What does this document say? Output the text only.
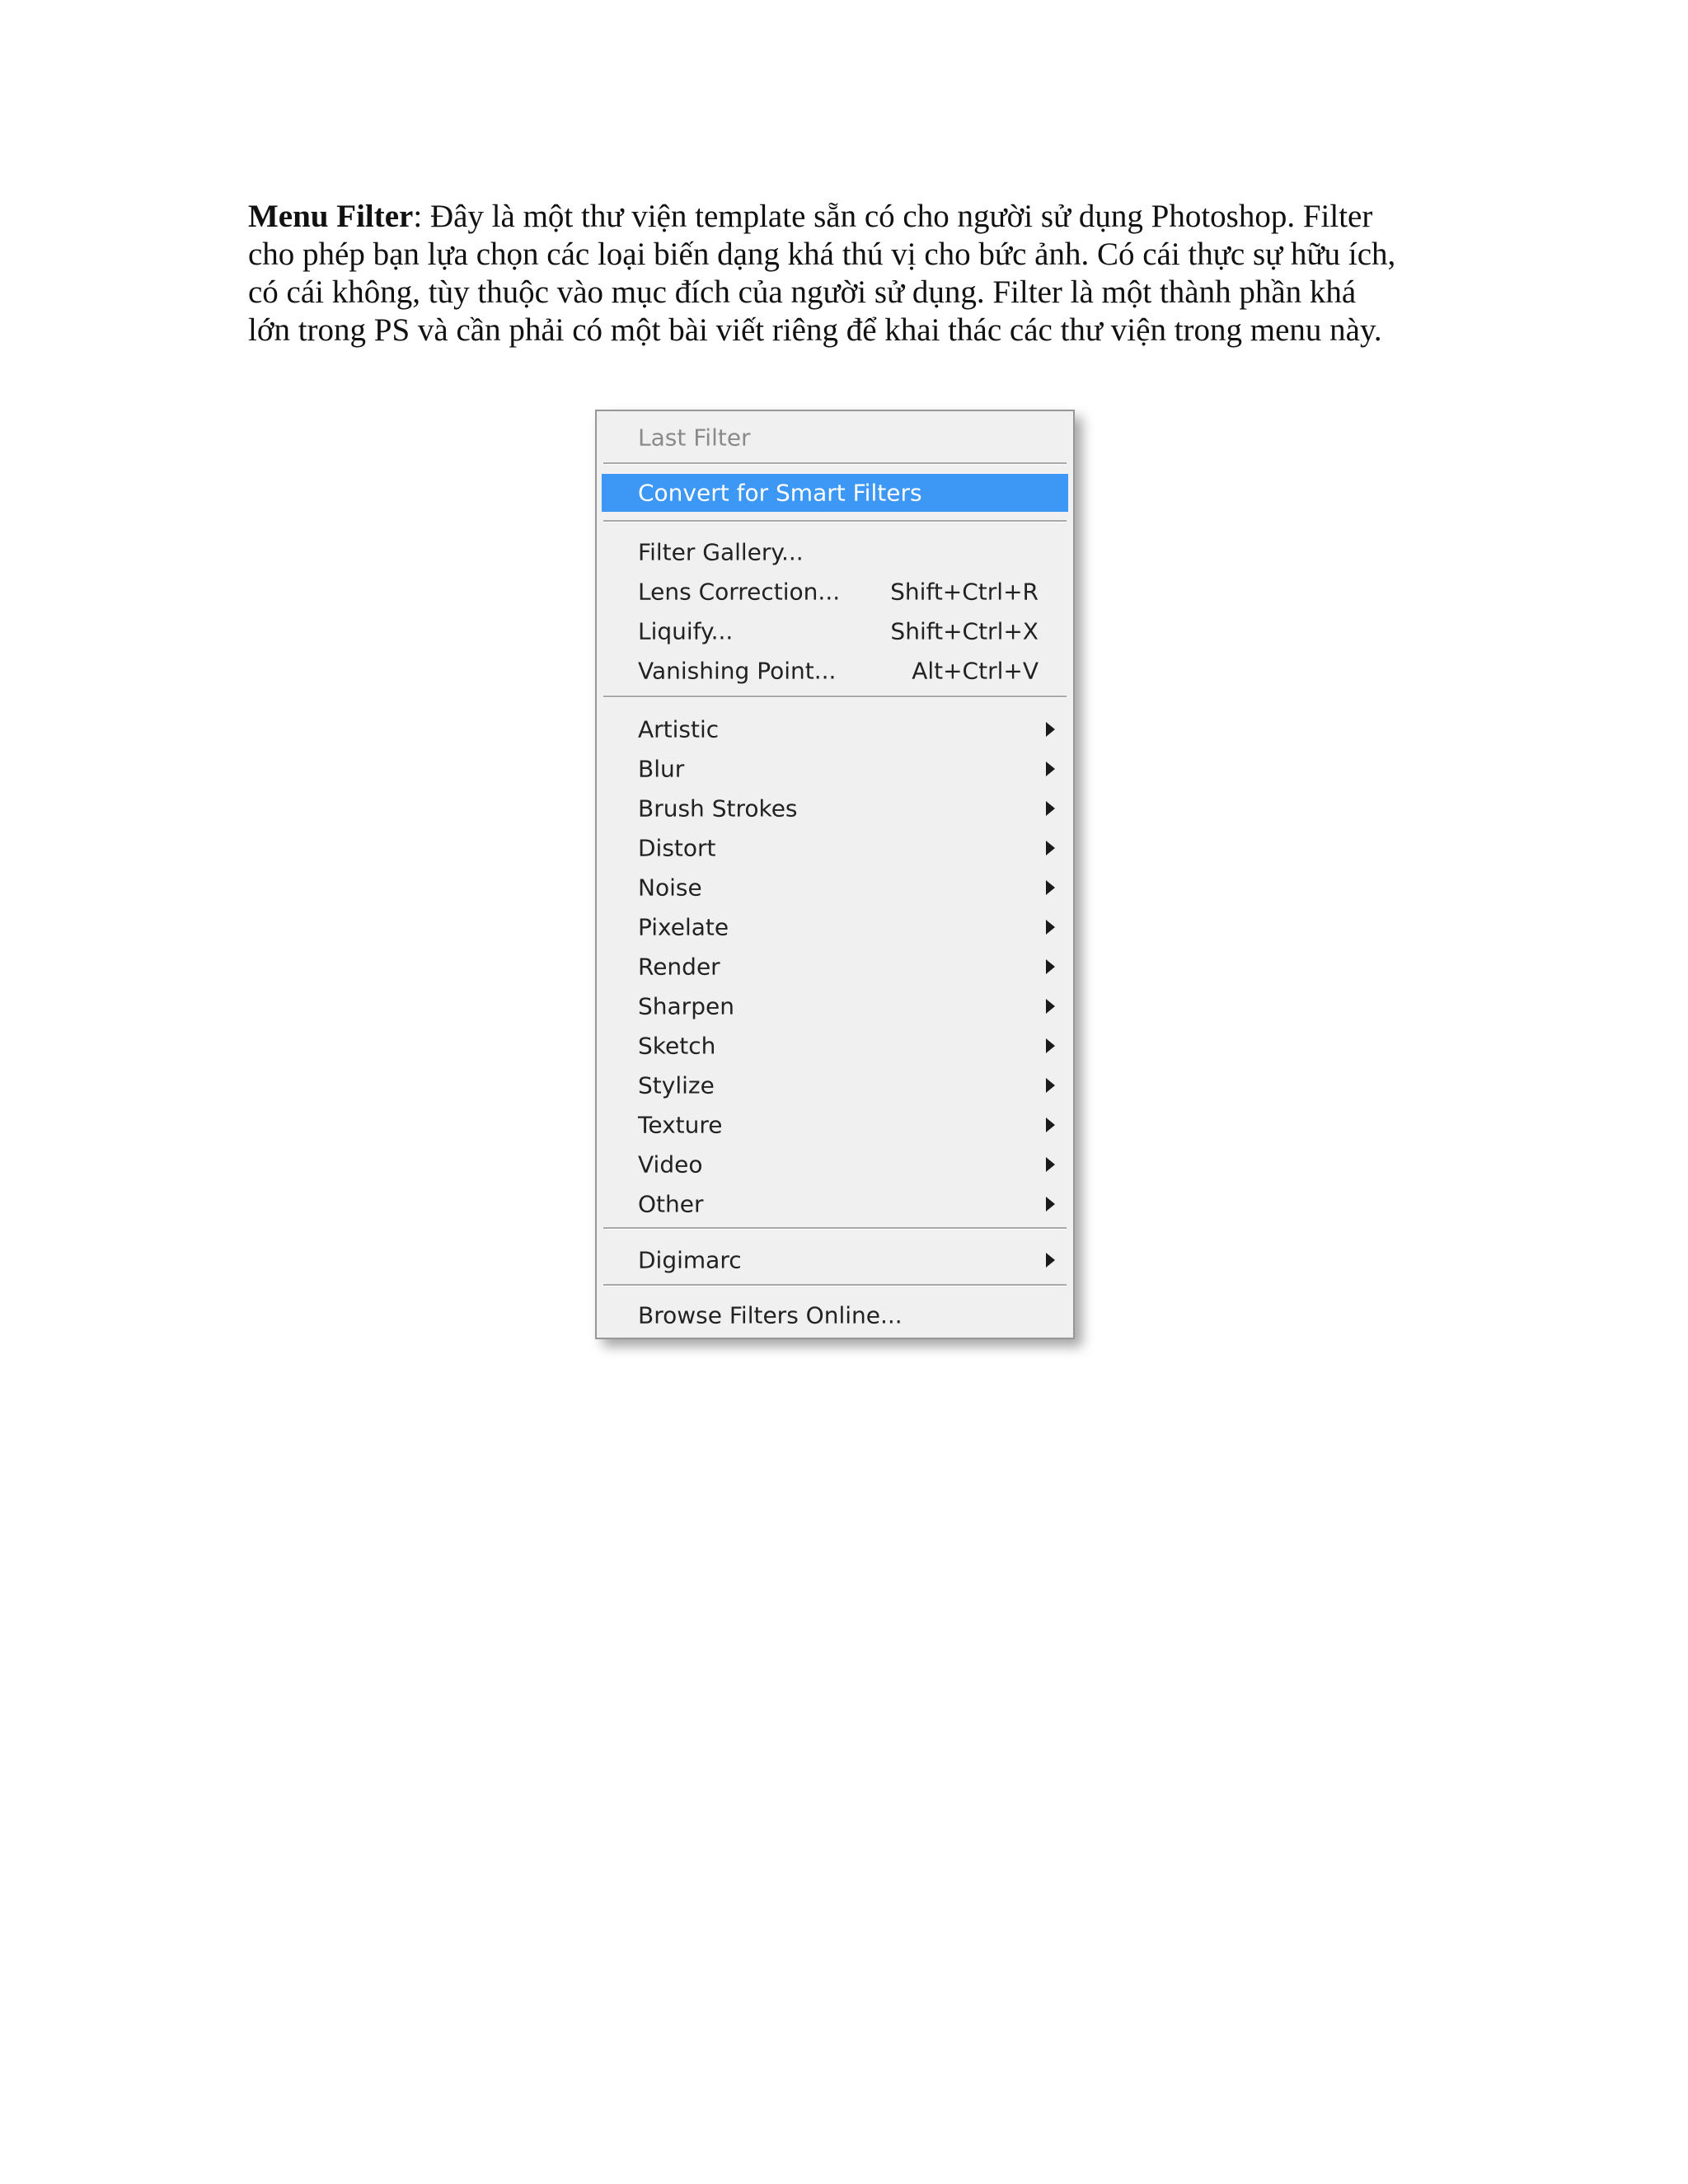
Menu Filter: Đây là một thư viện template sẵn có cho người sử dụng Photoshop. Filter

cho phép bạn lựa chọn các loại biến dạng khá thú vị cho bức ảnh. Có cái thực sự hữu ích,

có cái không, tùy thuộc vào mục đích của người sử dụng. Filter là một thành phần khá

lớn trong PS và cần phải có một bài viết riêng để khai thác các thư viện trong menu này.

Last Filter
Convert for Smart Filters
Filter Gallery...
Lens Correction... Shift+Ctrl+R
Liquify...	Shift+Ctrl+X
Vanishing Point...	Alt+Ctrl+V
Artistic
Blur
Brush Strokes
Distort
Noise
Pixelate
Render
Sharpen
Sketch
Stylize
Texture
Video
Other
Digimarc
Browse Filters Online...
